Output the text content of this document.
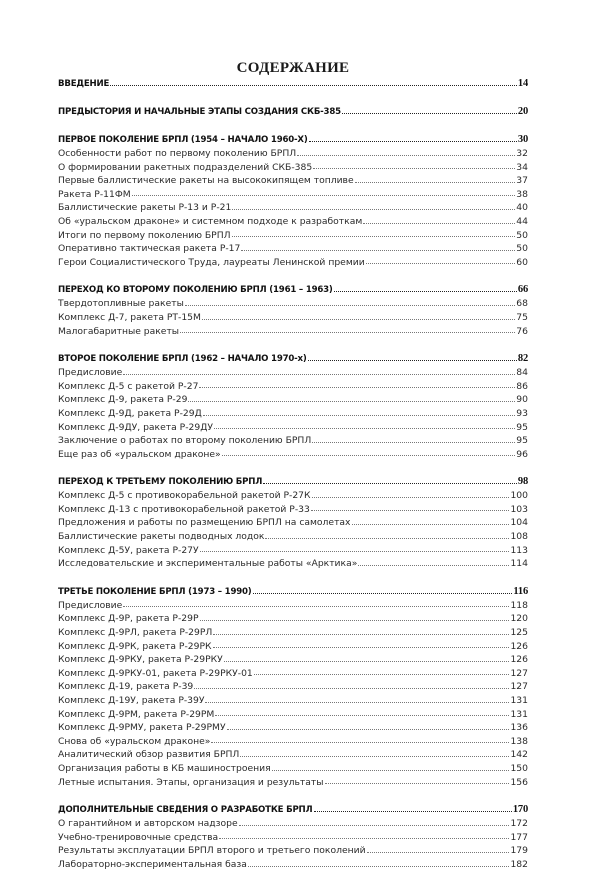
СОДЕРЖАНИЕ
ВВЕДЕНИЕ	14
ПРЕДЫСТОРИЯ И НАЧАЛЬНЫЕ ЭТАПЫ СОЗДАНИЯ СКБ-385	20
ПЕРВОЕ ПОКОЛЕНИЕ БРПЛ (1954 – НАЧАЛО 1960-Х)	30
Особенности работ по первому поколению БРПЛ	32
О формировании ракетных подразделений СКБ-385	34
Первые баллистические ракеты на высококипящем топливе	37
Ракета Р-11ФМ	38
Баллистические ракеты Р-13 и Р-21	40
Об «уральском драконе» и системном подходе к разработкам	44
Итоги по первому поколению БРПЛ	50
Оперативно тактическая ракета Р-17	50
Герои Социалистического Труда, лауреаты Ленинской премии	60
ПЕРЕХОД КО ВТОРОМУ ПОКОЛЕНИЮ БРПЛ (1961 – 1963)	66
Твердотопливные ракеты	68
Комплекс Д-7, ракета РТ-15М	75
Малогабаритные ракеты	76
ВТОРОЕ ПОКОЛЕНИЕ БРПЛ (1962 – НАЧАЛО 1970-х)	82
Предисловие	84
Комплекс Д-5 с ракетой Р-27	86
Комплекс Д-9, ракета Р-29	90
Комплекс Д-9Д, ракета Р-29Д	93
Комплекс Д-9ДУ, ракета Р-29ДУ	95
Заключение о работах по второму поколению БРПЛ	95
Еще раз об «уральском драконе»	96
ПЕРЕХОД К ТРЕТЬЕМУ ПОКОЛЕНИЮ БРПЛ	98
Комплекс Д-5 с противокорабельной ракетой Р-27К	100
Комплекс Д-13 с противокорабельной ракетой Р-33	103
Предложения и работы по размещению БРПЛ на самолетах	104
Баллистические ракеты подводных лодок	108
Комплекс Д-5У, ракета Р-27У	113
Исследовательские и экспериментальные работы «Арктика»	114
ТРЕТЬЕ ПОКОЛЕНИЕ БРПЛ (1973 – 1990)	116
Предисловие	118
Комплекс Д-9Р, ракета Р-29Р	120
Комплекс Д-9РЛ, ракета Р-29РЛ	125
Комплекс Д-9РК, ракета Р-29РК	126
Комплекс Д-9РКУ, ракета Р-29РКУ	126
Комплекс Д-9РКУ-01, ракета Р-29РКУ-01	127
Комплекс Д-19, ракета Р-39	127
Комплекс Д-19У, ракета Р-39У	131
Комплекс Д-9РМ, ракета Р-29РМ	131
Комплекс Д-9РМУ, ракета Р-29РМУ	136
Снова об «уральском драконе»	138
Аналитический обзор развития БРПЛ	142
Организация работы в КБ машиностроения	150
Летные испытания. Этапы, организация и результаты	156
ДОПОЛНИТЕЛЬНЫЕ СВЕДЕНИЯ О РАЗРАБОТКЕ БРПЛ	170
О гарантийном и авторском надзоре	172
Учебно-тренировочные средства	177
Результаты эксплуатации БРПЛ второго и третьего поколений	179
Лабораторно-экспериментальная база	182
